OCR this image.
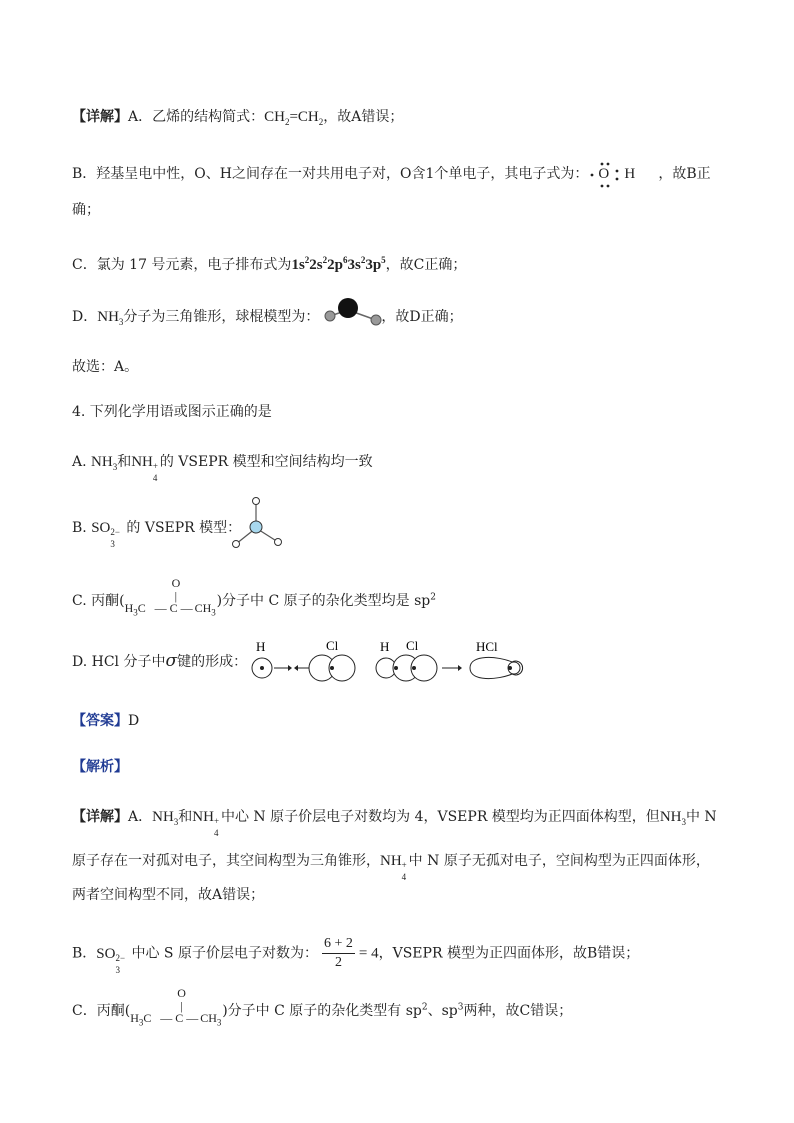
【详解】A．乙烯的结构简式：$CH_2=CH_2$，故A错误；
B．羟基呈电中性，O、H之间存在一对共用电子对，O含1个单电子，其电子式为： O H ，故B正
确；
C．氯为 17 号元素，电子排布式为$1s^22s^22p^63s^23p^5$，故C正确；
D．$NH_3$分子为三角锥形，球棍模型为：	，故D正确；
故选：A。
4. 下列化学用语或图示正确的是
A. $NH_3$和NH +
4
的 VSEPR 模型和空间结构均一致
B. SO 2−
3
的 VSEPR 模型：
C. 丙酮(
O
|
$H_3C$ — C — $CH_3$
)分子中 C 原子的杂化类型均是 $sp^2$
D. HCl 分子中σ键的形成：
H	Cl	H Cl	HCl
【答案】D
【解析】
【详解】A．$NH_3$和NH +
4
中心 N 原子价层电子对数均为 4，VSEPR 模型均为正四面体构型，但$NH_3$中 N
原子存在一对孤对电子，其空间构型为三角锥形，NH +
4
中 N 原子无孤对电子，空间构型为正四面体形，
两者空间构型不同，故A错误；
B．SO 2−
3
中心 S 原子价层电子对数为： $\frac{6 + 2}{2} = 4$，VSEPR 模型为正四面体形，故B错误；
C．丙酮(
O
|
$H_3C$ — C — $CH_3$
)分子中 C 原子的杂化类型有 $sp^2$、$sp^3$两种，故C错误；
